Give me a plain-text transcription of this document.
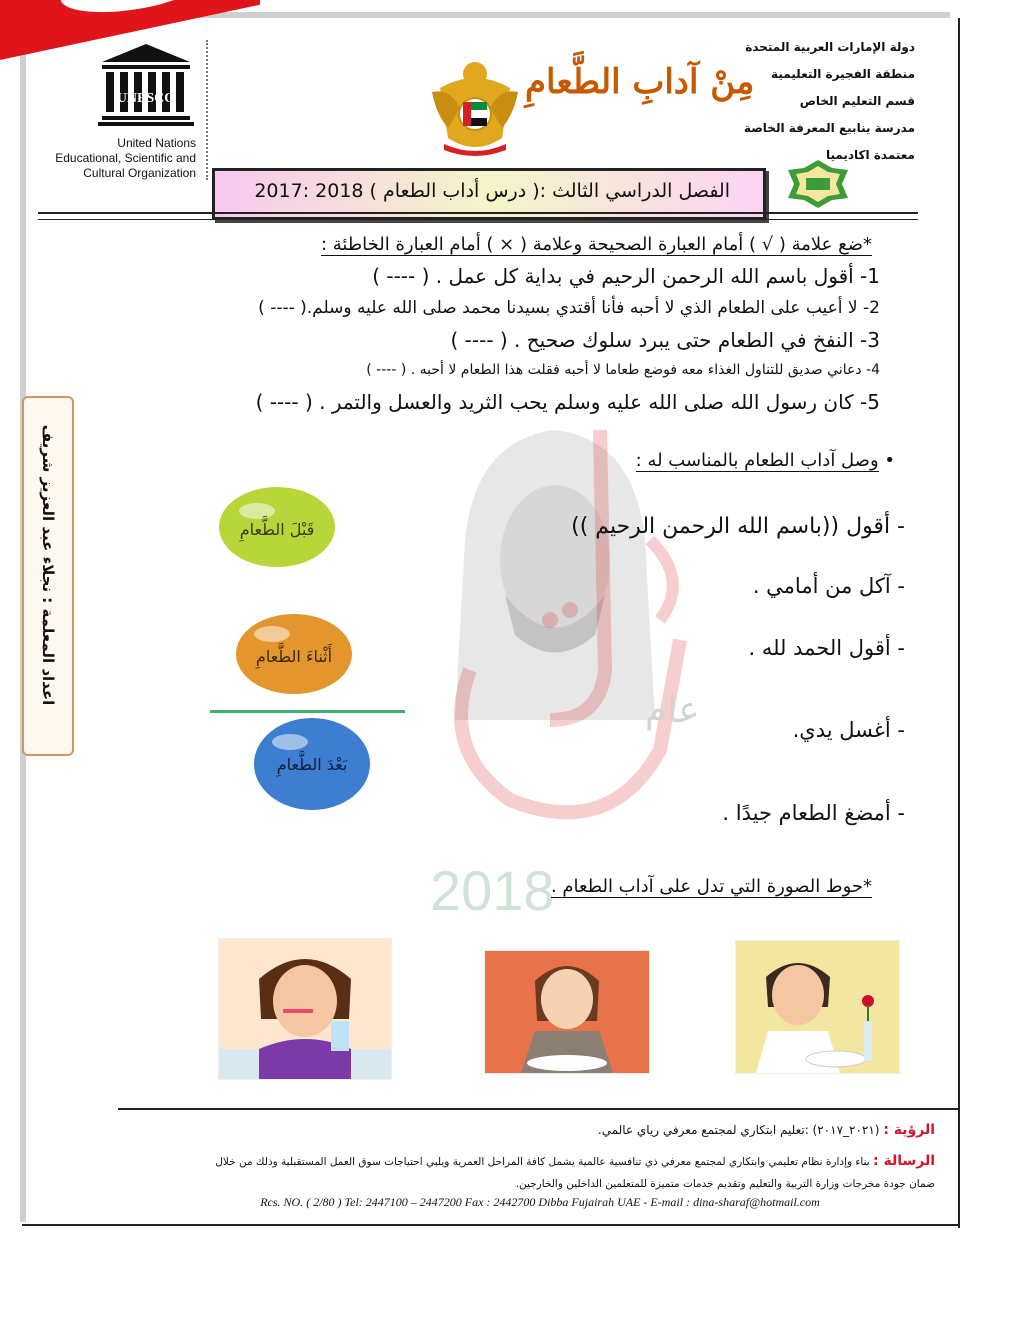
UNESCO
United Nations
Educational, Scientific and
Cultural Organization
مِنْ آدابِ الطَّعامِ
دولة الإمارات العربية المتحدة
منطقة الفجيرة التعليمية
قسم التعليم الخاص
مدرسة ينابيع المعرفة الخاصة
معتمدة اكاديميا
الفصل الدراسي الثالث :( درس أداب الطعام ) 2018 :2017
*ضع علامة ( √ ) أمام العبارة الصحيحة وعلامة ( × ) أمام العبارة الخاطئة :
1- أقول باسم الله الرحمن الرحيم في بداية كل عمل . ( ---- )
2- لا أعيب على الطعام الذي لا أحبه فأنا أقتدي بسيدنا محمد صلى الله عليه وسلم.( ---- )
3- النفخ في الطعام حتى يبرد سلوك صحيح . ( ---- )
4- دعاني صديق للتناول الغذاء معه فوضع طعاما لا أحبه فقلت هذا الطعام لا أحبه . ( ---- )
5- كان رسول الله صلى الله عليه وسلم يحب الثريد والعسل والتمر . ( ---- )
اعداد المعلمة : نجلاء عبد العزيز شريف
عام
2018
• وصل آداب الطعام بالمناسب له :
- أقول ((باسم الله الرحمن الرحيم ))
- آكل من أمامي .
- أقول الحمد لله .
- أغسل يدي.
- أمضغ الطعام جيدًا .
قَبْلَ الطَّعامِ
أَثْناءَ الطَّعامِ
بَعْدَ الطَّعامِ
*حوط الصورة التي تدل على آداب الطعام .
الرؤية : (٢٠٢١_٢٠١٧) :تعليم ابتكاري لمجتمع معرفي رياي عالمي.
الرسالة : بناء وإدارة نظام تعليمي وابتكاري لمجتمع معرفي ذي تنافسية عالمية يشمل كافة المراحل العمرية ويلبي احتياجات سوق العمل المستقبلية وذلك من خلال ضمان جودة مخرجات وزارة التربية والتعليم وتقديم خدمات متميزة للمتعلمين الداخلين والخارجين.
Rcs. NO. ( 2/80 ) Tel: 2447100 – 2447200 Fax : 2442700 Dibba Fujairah UAE - E-mail : dina-sharaf@hotmail.com
